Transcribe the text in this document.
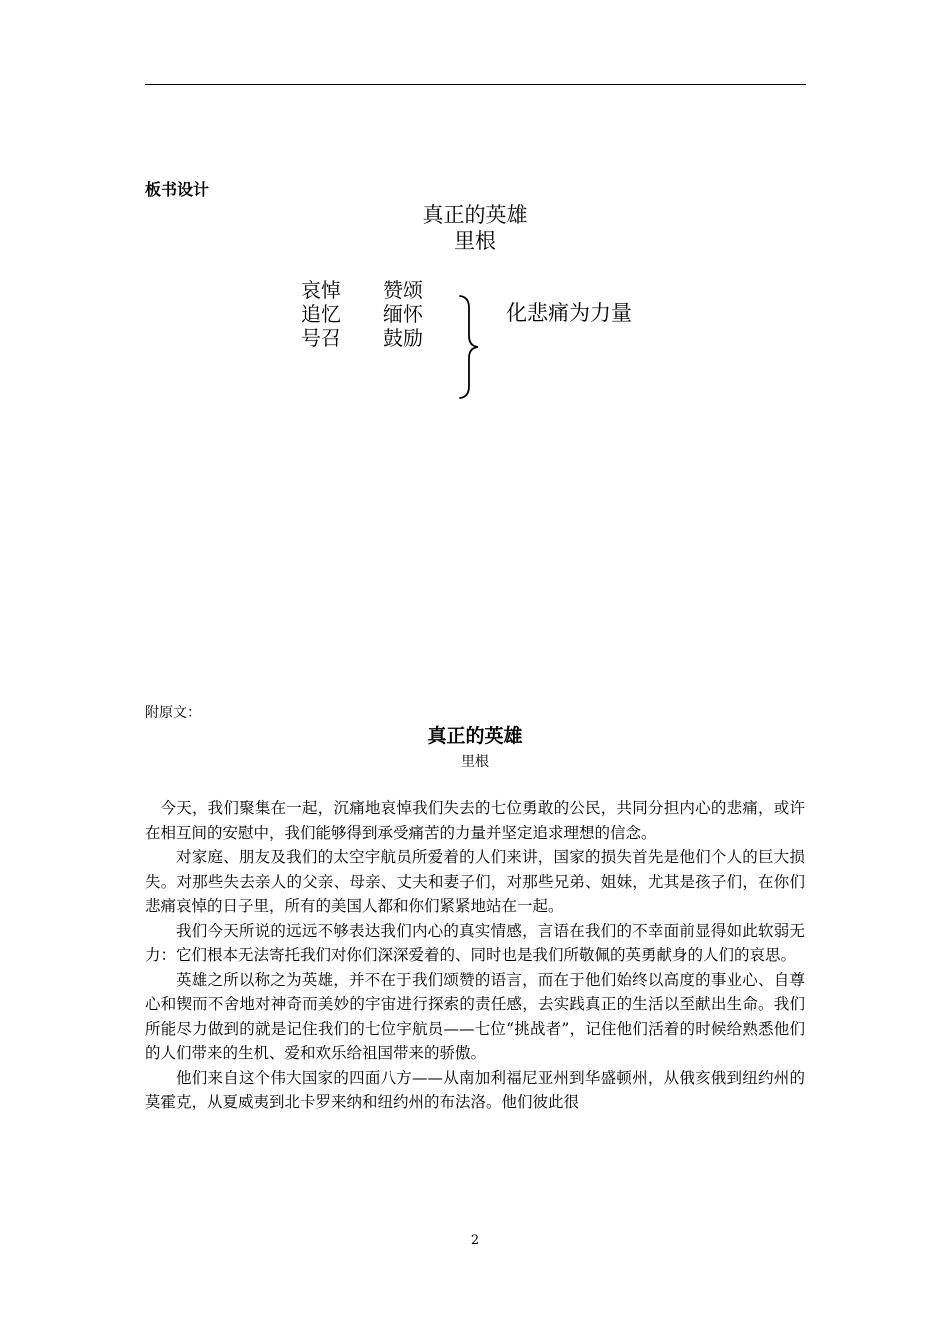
板书设计
真正的英雄
里根
哀悼 赞颂
追忆 缅怀
号召 鼓励
化悲痛为力量
附原文：
真正的英雄
里根

今天，我们聚集在一起，沉痛地哀悼我们失去的七位勇敢的公民，共同分担内心的悲痛，或许在相互间的安慰中，我们能够得到承受痛苦的力量并坚定追求理想的信念。

对家庭、朋友及我们的太空宇航员所爱着的人们来讲，国家的损失首先是他们个人的巨大损失。对那些失去亲人的父亲、母亲、丈夫和妻子们，对那些兄弟、姐妹，尤其是孩子们，在你们悲痛哀悼的日子里，所有的美国人都和你们紧紧地站在一起。

我们今天所说的远远不够表达我们内心的真实情感，言语在我们的不幸面前显得如此软弱无力：它们根本无法寄托我们对你们深深爱着的、同时也是我们所敬佩的英勇献身的人们的哀思。

英雄之所以称之为英雄，并不在于我们颂赞的语言，而在于他们始终以高度的事业心、自尊心和锲而不舍地对神奇而美妙的宇宙进行探索的责任感，去实践真正的生活以至献出生命。我们所能尽力做到的就是记住我们的七位宇航员——七位“挑战者”，记住他们活着的时候给熟悉他们的人们带来的生机、爱和欢乐给祖国带来的骄傲。

他们来自这个伟大国家的四面八方——从南加利福尼亚州到华盛顿州，从俄亥俄到纽约州的莫霍克，从夏威夷到北卡罗来纳和纽约州的布法洛。他们彼此很

2
